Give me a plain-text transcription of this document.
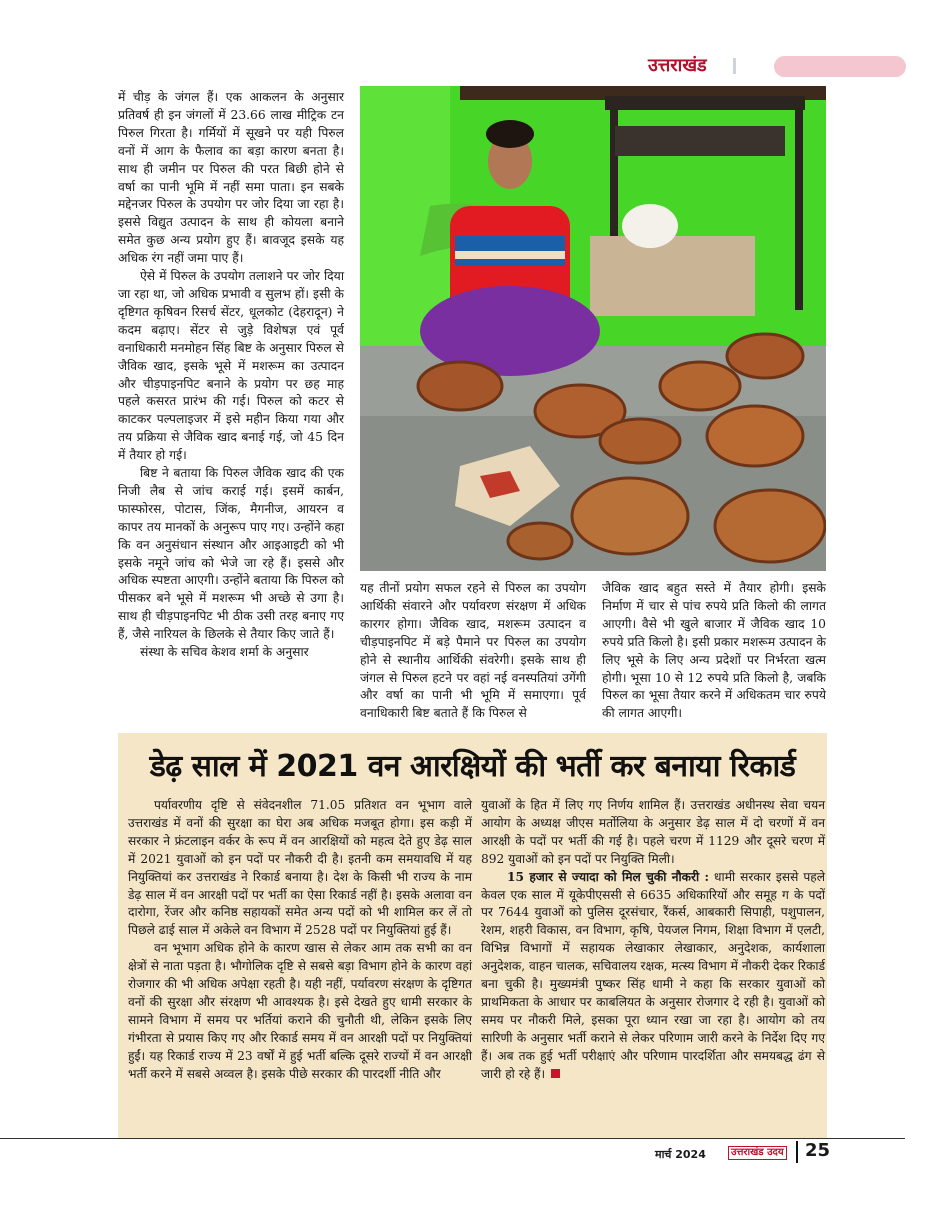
उत्तराखंड

में चीड़ के जंगल हैं। एक आकलन के अनुसार प्रतिवर्ष ही इन जंगलों में 23.66 लाख मीट्रिक टन पिरुल गिरता है। गर्मियों में सूखने पर यही पिरुल वनों में आग के फैलाव का बड़ा कारण बनता है। साथ ही जमीन पर पिरुल की परत बिछी होने से वर्षा का पानी भूमि में नहीं समा पाता। इन सबके मद्देनजर पिरुल के उपयोग पर जोर दिया जा रहा है। इससे विद्युत उत्पादन के साथ ही कोयला बनाने समेत कुछ अन्य प्रयोग हुए हैं। बावजूद इसके यह अधिक रंग नहीं जमा पाए हैं।

ऐसे में पिरुल के उपयोग तलाशने पर जोर दिया जा रहा था, जो अधिक प्रभावी व सुलभ हों। इसी के दृष्टिगत कृषिवन रिसर्च सेंटर, धूलकोट (देहरादून) ने कदम बढ़ाए। सेंटर से जुड़े विशेषज्ञ एवं पूर्व वनाधिकारी मनमोहन सिंह बिष्ट के अनुसार पिरुल से जैविक खाद, इसके भूसे में मशरूम का उत्पादन और चीड़पाइनपिट बनाने के प्रयोग पर छह माह पहले कसरत प्रारंभ की गई। पिरुल को कटर से काटकर पल्पलाइजर में इसे महीन किया गया और तय प्रक्रिया से जैविक खाद बनाई गई, जो 45 दिन में तैयार हो गई।

बिष्ट ने बताया कि पिरुल जैविक खाद की एक निजी लैब से जांच कराई गई। इसमें कार्बन, फास्फोरस, पोटास, जिंक, मैगनीज, आयरन व कापर तय मानकों के अनुरूप पाए गए। उन्होंने कहा कि वन अनुसंधान संस्थान और आइआइटी को भी इसके नमूने जांच को भेजे जा रहे हैं। इससे और अधिक स्पष्टता आएगी। उन्होंने बताया कि पिरुल को पीसकर बने भूसे में मशरूम भी अच्छे से उगा है। साथ ही चीड़पाइनपिट भी ठीक उसी तरह बनाए गए हैं, जैसे नारियल के छिलके से तैयार किए जाते हैं।

संस्था के सचिव केशव शर्मा के अनुसार

यह तीनों प्रयोग सफल रहने से पिरुल का उपयोग आर्थिकी संवारने और पर्यावरण संरक्षण में अधिक कारगर होगा। जैविक खाद, मशरूम उत्पादन व चीड़पाइनपिट में बड़े पैमाने पर पिरुल का उपयोग होने से स्थानीय आर्थिकी संवरेगी। इसके साथ ही जंगल से पिरुल हटने पर वहां नई वनस्पतियां उगेंगी और वर्षा का पानी भी भूमि में समाएगा। पूर्व वनाधिकारी बिष्ट बताते हैं कि पिरुल से

जैविक खाद बहुत सस्ते में तैयार होगी। इसके निर्माण में चार से पांच रुपये प्रति किलो की लागत आएगी। वैसे भी खुले बाजार में जैविक खाद 10 रुपये प्रति किलो है। इसी प्रकार मशरूम उत्पादन के लिए भूसे के लिए अन्य प्रदेशों पर निर्भरता खत्म होगी। भूसा 10 से 12 रुपये प्रति किलो है, जबकि पिरुल का भूसा तैयार करने में अधिकतम चार रुपये की लागत आएगी।

डेढ़ साल में 2021 वन आरक्षियों की भर्ती कर बनाया रिकार्ड

पर्यावरणीय दृष्टि से संवेदनशील 71.05 प्रतिशत वन भूभाग वाले उत्तराखंड में वनों की सुरक्षा का घेरा अब अधिक मजबूत होगा। इस कड़ी में सरकार ने फ्रंटलाइन वर्कर के रूप में वन आरक्षियों को महत्व देते हुए डेढ़ साल में 2021 युवाओं को इन पदों पर नौकरी दी है। इतनी कम समयावधि में यह नियुक्तियां कर उत्तराखंड ने रिकार्ड बनाया है। देश के किसी भी राज्य के नाम डेढ़ साल में वन आरक्षी पदों पर भर्ती का ऐसा रिकार्ड नहीं है। इसके अलावा वन दारोगा, रेंजर और कनिष्ठ सहायकों समेत अन्य पदों को भी शामिल कर लें तो पिछले ढाई साल में अकेले वन विभाग में 2528 पदों पर नियुक्तियां हुई हैं।

वन भूभाग अधिक होने के कारण खास से लेकर आम तक सभी का वन क्षेत्रों से नाता पड़ता है। भौगोलिक दृष्टि से सबसे बड़ा विभाग होने के कारण वहां रोजगार की भी अधिक अपेक्षा रहती है। यही नहीं, पर्यावरण संरक्षण के दृष्टिगत वनों की सुरक्षा और संरक्षण भी आवश्यक है। इसे देखते हुए धामी सरकार के सामने विभाग में समय पर भर्तियां कराने की चुनौती थी, लेकिन इसके लिए गंभीरता से प्रयास किए गए और रिकार्ड समय में वन आरक्षी पदों पर नियुक्तियां हुईं। यह रिकार्ड राज्य में 23 वर्षों में हुई भर्ती बल्कि दूसरे राज्यों में वन आरक्षी भर्ती करने में सबसे अव्वल है। इसके पीछे सरकार की पारदर्शी नीति और

युवाओं के हित में लिए गए निर्णय शामिल हैं। उत्तराखंड अधीनस्थ सेवा चयन आयोग के अध्यक्ष जीएस मर्तोलिया के अनुसार डेढ़ साल में दो चरणों में वन आरक्षी के पदों पर भर्ती की गई है। पहले चरण में 1129 और दूसरे चरण में 892 युवाओं को इन पदों पर नियुक्ति मिली।

15 हजार से ज्यादा को मिल चुकी नौकरी : धामी सरकार इससे पहले केवल एक साल में यूकेपीएससी से 6635 अधिकारियों और समूह ग के पदों पर 7644 युवाओं को पुलिस दूरसंचार, रैंकर्स, आबकारी सिपाही, पशुपालन, रेशम, शहरी विकास, वन विभाग, कृषि, पेयजल निगम, शिक्षा विभाग में एलटी, विभिन्न विभागों में सहायक लेखाकार लेखाकार, अनुदेशक, कार्यशाला अनुदेशक, वाहन चालक, सचिवालय रक्षक, मत्स्य विभाग में नौकरी देकर रिकार्ड बना चुकी है। मुख्यमंत्री पुष्कर सिंह धामी ने कहा कि सरकार युवाओं को प्राथमिकता के आधार पर काबलियत के अनुसार रोजगार दे रही है। युवाओं को समय पर नौकरी मिले, इसका पूरा ध्यान रखा जा रहा है। आयोग को तय सारिणी के अनुसार भर्ती कराने से लेकर परिणाम जारी करने के निर्देश दिए गए हैं। अब तक हुई भर्ती परीक्षाएं और परिणाम पारदर्शिता और समयबद्ध ढंग से जारी हो रहे हैं।

मार्च 2024	उत्तराखंड उदय 25
